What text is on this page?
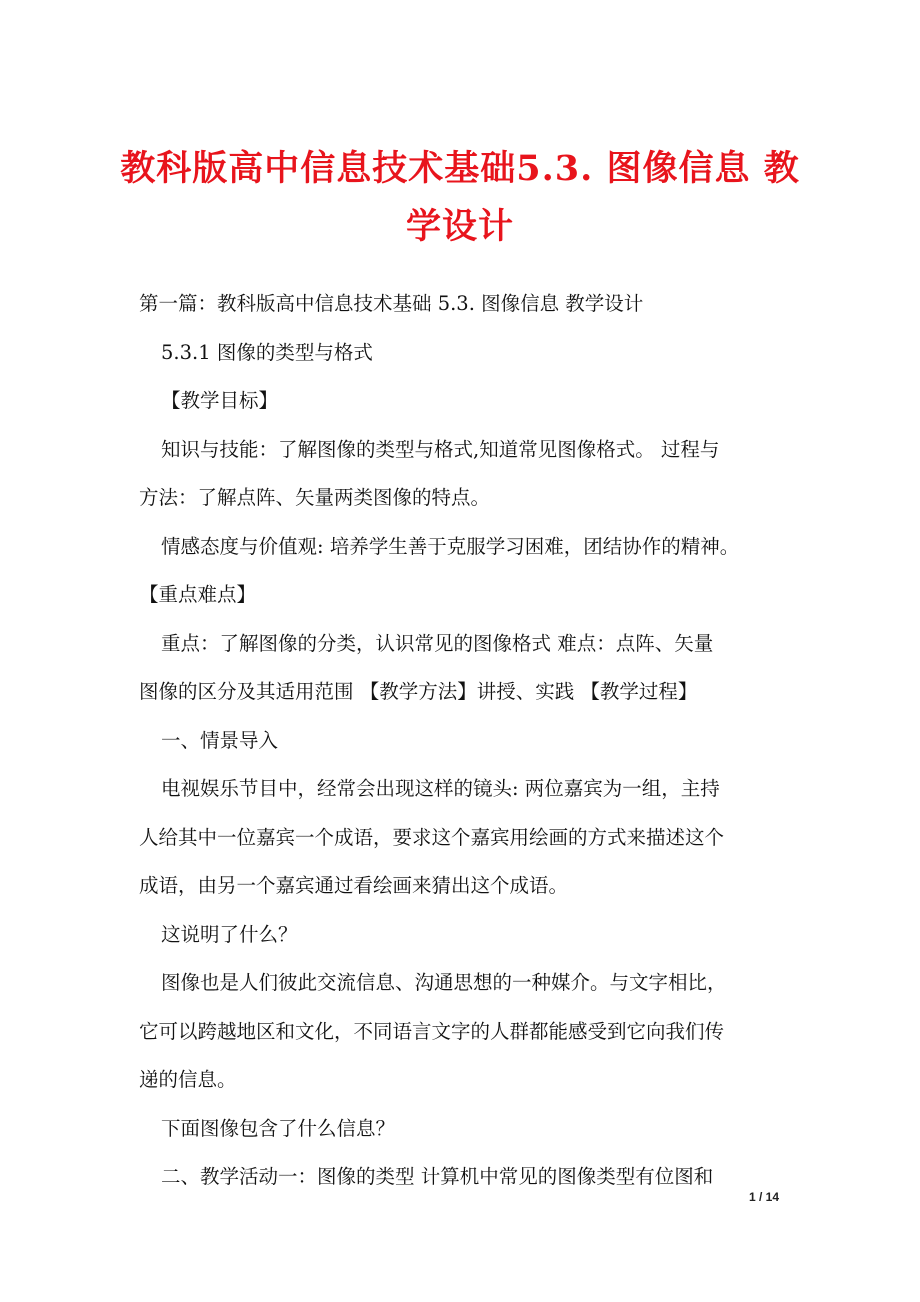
教科版高中信息技术基础5.3. 图像信息 教
学设计
第一篇：教科版高中信息技术基础 5.3. 图像信息 教学设计
5.3.1 图像的类型与格式
【教学目标】
知识与技能：了解图像的类型与格式,知道常见图像格式。 过程与
方法：了解点阵、矢量两类图像的特点。
情感态度与价值观: 培养学生善于克服学习困难，团结协作的精神。
【重点难点】
重点：了解图像的分类，认识常见的图像格式 难点：点阵、矢量
图像的区分及其适用范围 【教学方法】讲授、实践 【教学过程】
一、情景导入
电视娱乐节目中，经常会出现这样的镜头: 两位嘉宾为一组，主持
人给其中一位嘉宾一个成语，要求这个嘉宾用绘画的方式来描述这个
成语，由另一个嘉宾通过看绘画来猜出这个成语。
这说明了什么？
图像也是人们彼此交流信息、沟通思想的一种媒介。与文字相比，
它可以跨越地区和文化，不同语言文字的人群都能感受到它向我们传
递的信息。
下面图像包含了什么信息？
二、教学活动一：图像的类型 计算机中常见的图像类型有位图和
1 / 14
